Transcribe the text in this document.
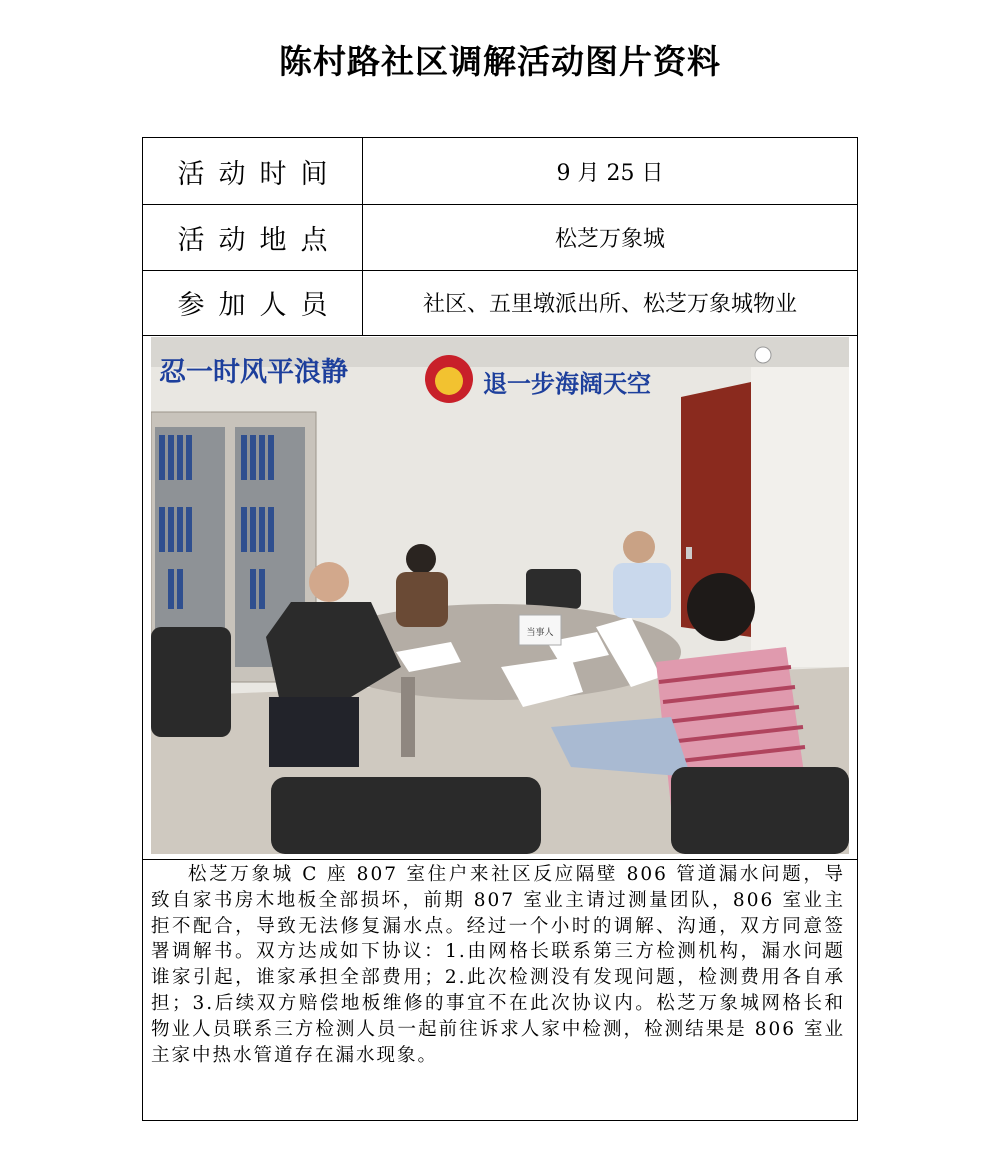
陈村路社区调解活动图片资料
活动时间	9 月 25 日
活动地点	松芝万象城
参加人员	社区、五里墩派出所、松芝万象城物业
忍一时风平浪静	退一步海阔天空
当事人
松芝万象城 C 座 807 室住户来社区反应隔壁 806 管道漏水问题，导致自家书房木地板全部损坏，前期 807 室业主请过测量团队，806 室业主拒不配合，导致无法修复漏水点。经过一个小时的调解、沟通，双方同意签署调解书。双方达成如下协议：1.由网格长联系第三方检测机构，漏水问题谁家引起，谁家承担全部费用；2.此次检测没有发现问题，检测费用各自承担；3.后续双方赔偿地板维修的事宜不在此次协议内。松芝万象城网格长和物业人员联系三方检测人员一起前往诉求人家中检测，检测结果是 806 室业主家中热水管道存在漏水现象。
